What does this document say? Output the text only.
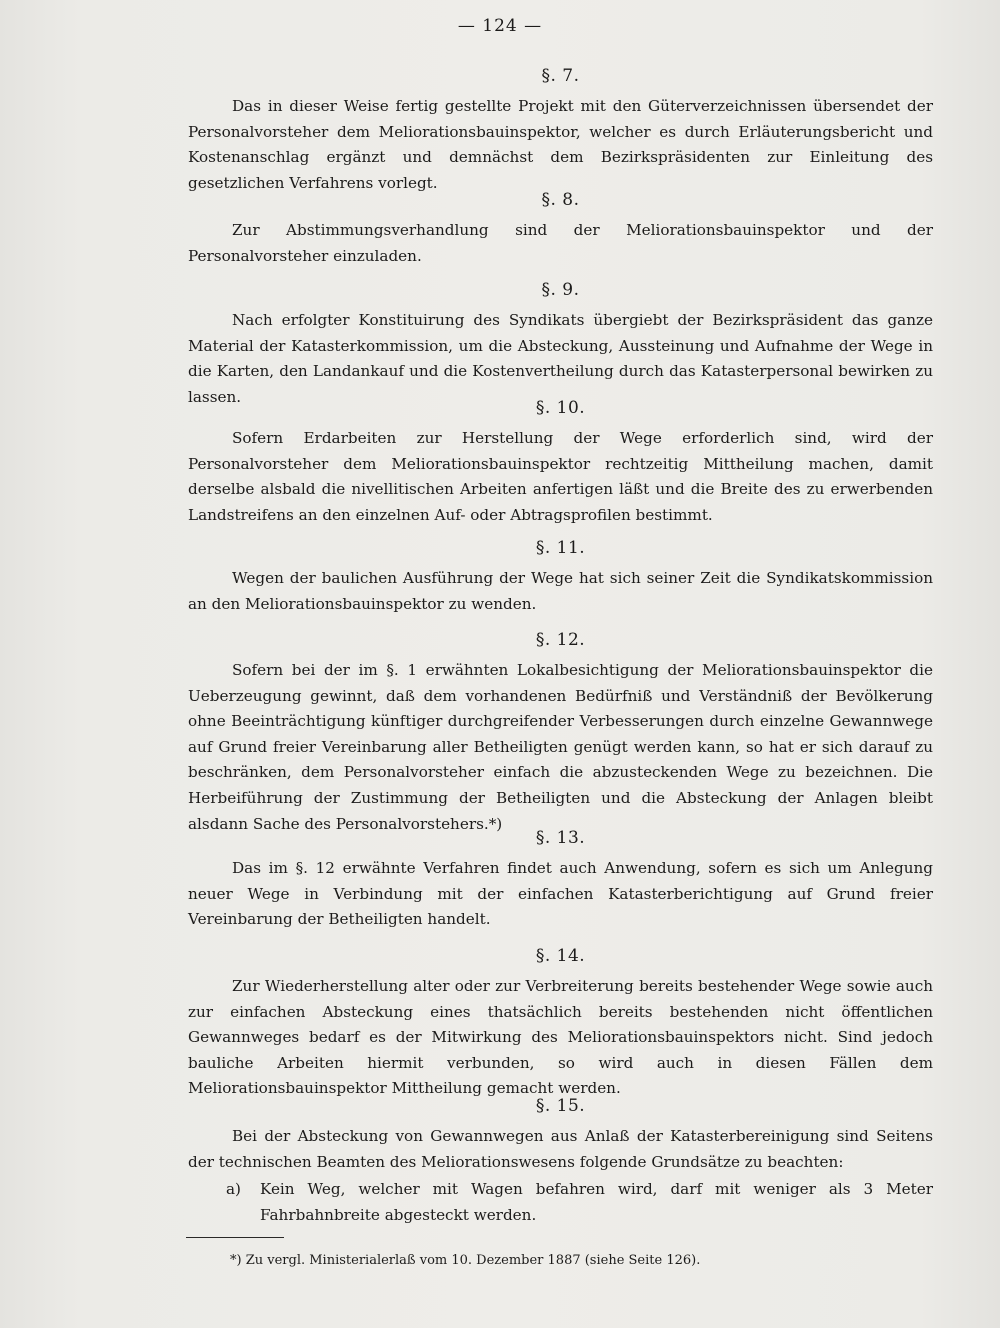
— 124 —
§. 7.

Das in dieser Weise fertig gestellte Projekt mit den Güterverzeichnissen übersendet der Personalvorsteher dem Meliorationsbauinspektor, welcher es durch Erläuterungsbericht und Kostenanschlag ergänzt und demnächst dem Bezirkspräsidenten zur Einleitung des gesetzlichen Verfahrens vorlegt.

§. 8.

Zur Abstimmungsverhandlung sind der Meliorationsbauinspektor und der Personalvorsteher einzuladen.

§. 9.

Nach erfolgter Konstituirung des Syndikats übergiebt der Bezirkspräsident das ganze Material der Katasterkommission, um die Absteckung, Aussteinung und Aufnahme der Wege in die Karten, den Landankauf und die Kostenvertheilung durch das Katasterpersonal bewirken zu lassen.

§. 10.

Sofern Erdarbeiten zur Herstellung der Wege erforderlich sind, wird der Personalvorsteher dem Meliorationsbauinspektor rechtzeitig Mittheilung machen, damit derselbe alsbald die nivellitischen Arbeiten anfertigen läßt und die Breite des zu erwerbenden Landstreifens an den einzelnen Auf- oder Abtragsprofilen bestimmt.

§. 11.

Wegen der baulichen Ausführung der Wege hat sich seiner Zeit die Syndikatskommission an den Meliorationsbauinspektor zu wenden.

§. 12.

Sofern bei der im §. 1 erwähnten Lokalbesichtigung der Meliorationsbauinspektor die Ueberzeugung gewinnt, daß dem vorhandenen Bedürfniß und Verständniß der Bevölkerung ohne Beeinträchtigung künftiger durchgreifender Verbesserungen durch einzelne Gewannwege auf Grund freier Vereinbarung aller Betheiligten genügt werden kann, so hat er sich darauf zu beschränken, dem Personalvorsteher einfach die abzusteckenden Wege zu bezeichnen. Die Herbeiführung der Zustimmung der Betheiligten und die Absteckung der Anlagen bleibt alsdann Sache des Personalvorstehers.*)

§. 13.

Das im §. 12 erwähnte Verfahren findet auch Anwendung, sofern es sich um Anlegung neuer Wege in Verbindung mit der einfachen Katasterberichtigung auf Grund freier Vereinbarung der Betheiligten handelt.

§. 14.

Zur Wiederherstellung alter oder zur Verbreiterung bereits bestehender Wege sowie auch zur einfachen Absteckung eines thatsächlich bereits bestehenden nicht öffentlichen Gewannweges bedarf es der Mitwirkung des Meliorationsbauinspektors nicht. Sind jedoch bauliche Arbeiten hiermit verbunden, so wird auch in diesen Fällen dem Meliorationsbauinspektor Mittheilung gemacht werden.

§. 15.

Bei der Absteckung von Gewannwegen aus Anlaß der Katasterbereinigung sind Seitens der technischen Beamten des Meliorationswesens folgende Grundsätze zu beachten:

a) Kein Weg, welcher mit Wagen befahren wird, darf mit weniger als 3 Meter Fahrbahnbreite abgesteckt werden.
*) Zu vergl. Ministerialerlaß vom 10. Dezember 1887 (siehe Seite 126).
